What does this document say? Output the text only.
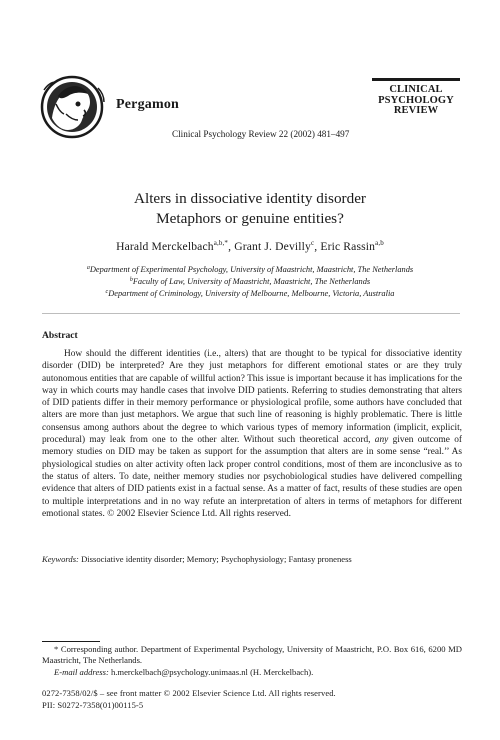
Pergamon
CLINICAL
PSYCHOLOGY
REVIEW
Clinical Psychology Review 22 (2002) 481–497
Alters in dissociative identity disorder
Metaphors or genuine entities?
Harald Merckelbach$^{a,b,*}$, Grant J. Devilly$^c$, Eric Rassin$^{a,b}$
$^a$Department of Experimental Psychology, University of Maastricht, Maastricht, The Netherlands
$^b$Faculty of Law, University of Maastricht, Maastricht, The Netherlands
$^c$Department of Criminology, University of Melbourne, Melbourne, Victoria, Australia
Abstract
How should the different identities (i.e., alters) that are thought to be typical for dissociative identity disorder (DID) be interpreted? Are they just metaphors for different emotional states or are they truly autonomous entities that are capable of willful action? This issue is important because it has implications for the way in which courts may handle cases that involve DID patients. Referring to studies demonstrating that alters of DID patients differ in their memory performance or physiological profile, some authors have concluded that alters are more than just metaphors. We argue that such line of reasoning is highly problematic. There is little consensus among authors about the degree to which various types of memory information (implicit, explicit, procedural) may leak from one to the other alter. Without such theoretical accord, any given outcome of memory studies on DID may be taken as support for the assumption that alters are in some sense “real.’’ As physiological studies on alter activity often lack proper control conditions, most of them are inconclusive as to the status of alters. To date, neither memory studies nor psychobiological studies have delivered compelling evidence that alters of DID patients exist in a factual sense. As a matter of fact, results of these studies are open to multiple interpretations and in no way refute an interpretation of alters in terms of metaphors for different emotional states. © 2002 Elsevier Science Ltd. All rights reserved.
Keywords: Dissociative identity disorder; Memory; Psychophysiology; Fantasy proneness
* Corresponding author. Department of Experimental Psychology, University of Maastricht, P.O. Box 616, 6200 MD Maastricht, The Netherlands.
E-mail address: h.merckelbach@psychology.unimaas.nl (H. Merckelbach).
0272-7358/02/$ – see front matter © 2002 Elsevier Science Ltd. All rights reserved.
PII: S0272-7358(01)00115-5
